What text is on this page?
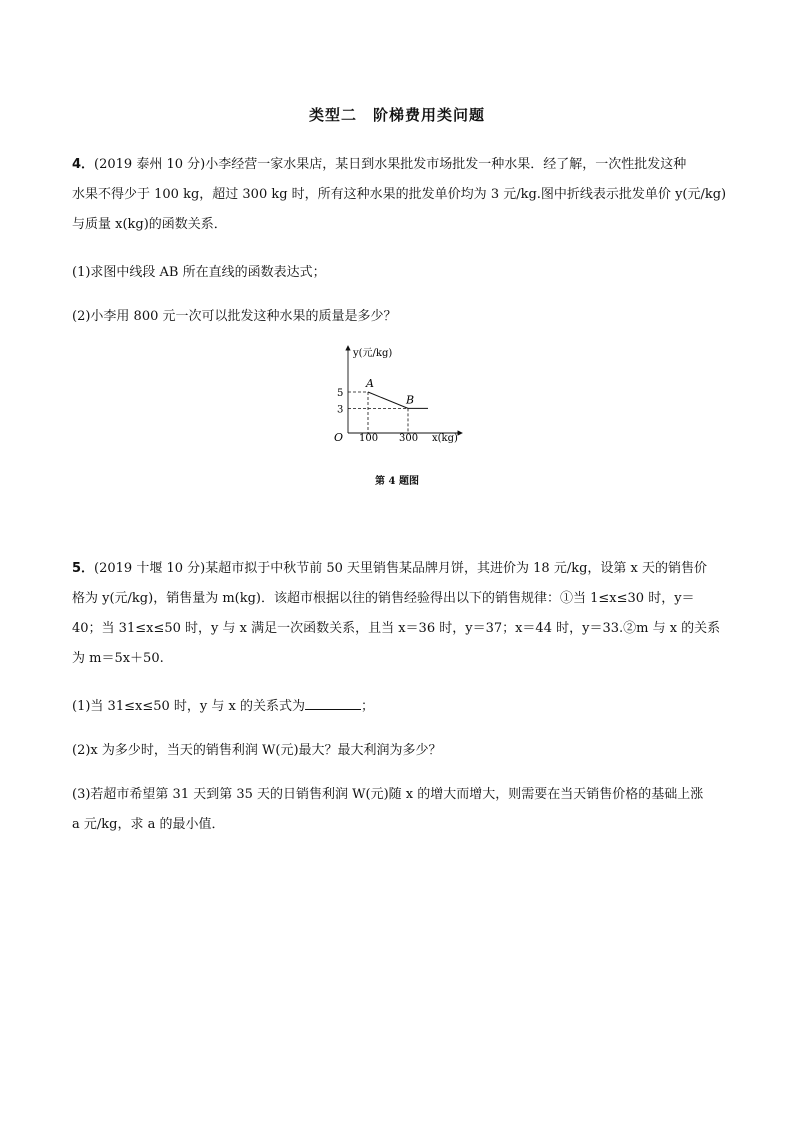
类型二　阶梯费用类问题
4．(2019 泰州 10 分)小李经营一家水果店，某日到水果批发市场批发一种水果．经了解，一次性批发这种
水果不得少于 100 kg，超过 300 kg 时，所有这种水果的批发单价均为 3 元/kg.图中折线表示批发单价 y(元/kg)
与质量 x(kg)的函数关系．
(1)求图中线段 AB 所在直线的函数表达式；
(2)小李用 800 元一次可以批发这种水果的质量是多少？
A
B
5
3
100 300
y(元/kg)
x(kg)
O
第 4 题图
5．(2019 十堰 10 分)某超市拟于中秋节前 50 天里销售某品牌月饼，其进价为 18 元/kg，设第 x 天的销售价
格为 y(元/kg)，销售量为 m(kg)．该超市根据以往的销售经验得出以下的销售规律：①当 1≤x≤30 时，y＝
40；当 31≤x≤50 时，y 与 x 满足一次函数关系，且当 x＝36 时，y＝37；x＝44 时，y＝33.②m 与 x 的关系
为 m＝5x＋50.
(1)当 31≤x≤50 时，y 与 x 的关系式为	；
(2)x 为多少时，当天的销售利润 W(元)最大？最大利润为多少？
(3)若超市希望第 31 天到第 35 天的日销售利润 W(元)随 x 的增大而增大，则需要在当天销售价格的基础上涨
a 元/kg，求 a 的最小值．
